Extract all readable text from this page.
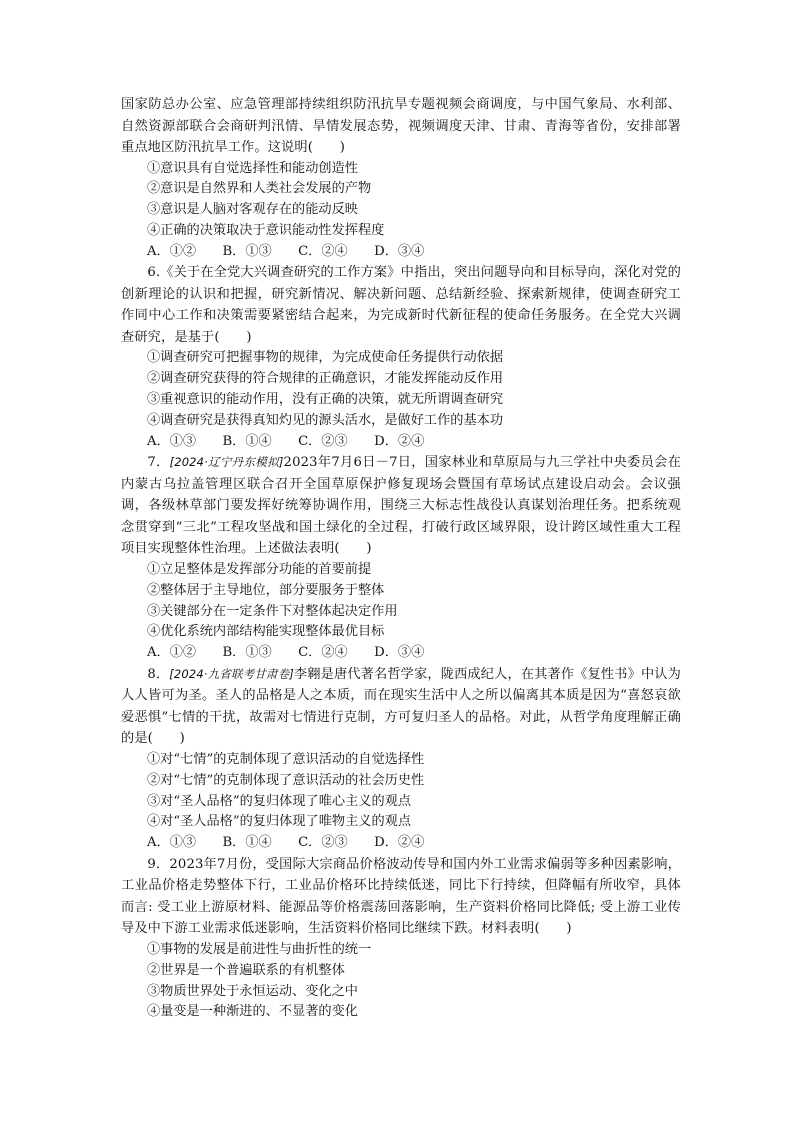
国家防总办公室、应急管理部持续组织防汛抗旱专题视频会商调度，与中国气象局、水利部、自然资源部联合会商研判汛情、旱情发展态势，视频调度天津、甘肃、青海等省份，安排部署重点地区防汛抗旱工作。这说明(　　)

①意识具有自觉选择性和能动创造性

②意识是自然界和人类社会发展的产物

③意识是人脑对客观存在的能动反映

④正确的决策取决于意识能动性发挥程度

A．①②　　B．①③　　C．②④　　D．③④

6.《关于在全党大兴调查研究的工作方案》中指出，突出问题导向和目标导向，深化对党的创新理论的认识和把握，研究新情况、解决新问题、总结新经验、探索新规律，使调查研究工作同中心工作和决策需要紧密结合起来，为完成新时代新征程的使命任务服务。在全党大兴调查研究，是基于(　　)

①调查研究可把握事物的规律，为完成使命任务提供行动依据

②调查研究获得的符合规律的正确意识，才能发挥能动反作用

③重视意识的能动作用，没有正确的决策，就无所谓调查研究

④调查研究是获得真知灼见的源头活水，是做好工作的基本功

A．①③　　B．①④　　C．②③　　D．②④

7．[2024·辽宁丹东模拟]2023年7月6日－7日，国家林业和草原局与九三学社中央委员会在内蒙古乌拉盖管理区联合召开全国草原保护修复现场会暨国有草场试点建设启动会。会议强调，各级林草部门要发挥好统筹协调作用，围绕三大标志性战役认真谋划治理任务。把系统观念贯穿到“三北”工程攻坚战和国土绿化的全过程，打破行政区域界限，设计跨区域性重大工程项目实现整体性治理。上述做法表明(　　)

①立足整体是发挥部分功能的首要前提

②整体居于主导地位，部分要服务于整体

③关键部分在一定条件下对整体起决定作用

④优化系统内部结构能实现整体最优目标

A．①②　　B．①③　　C．②④　　D．③④

8．[2024·九省联考甘肃卷]李翱是唐代著名哲学家，陇西成纪人，在其著作《复性书》中认为人人皆可为圣。圣人的品格是人之本质，而在现实生活中人之所以偏离其本质是因为“喜怒哀欲爱恶惧”七情的干扰，故需对七情进行克制，方可复归圣人的品格。对此，从哲学角度理解正确的是(　　)

①对“七情”的克制体现了意识活动的自觉选择性

②对“七情”的克制体现了意识活动的社会历史性

③对“圣人品格”的复归体现了唯心主义的观点

④对“圣人品格”的复归体现了唯物主义的观点

A．①③　　B．①④　　C．②③　　D．②④

9．2023年7月份，受国际大宗商品价格波动传导和国内外工业需求偏弱等多种因素影响，工业品价格走势整体下行，工业品价格环比持续低迷，同比下行持续，但降幅有所收窄，具体而言: 受工业上游原材料、能源品等价格震荡回落影响，生产资料价格同比降低; 受上游工业传导及中下游工业需求低迷影响，生活资料价格同比继续下跌。材料表明(　　)

①事物的发展是前进性与曲折性的统一

②世界是一个普遍联系的有机整体

③物质世界处于永恒运动、变化之中

④量变是一种渐进的、不显著的变化
